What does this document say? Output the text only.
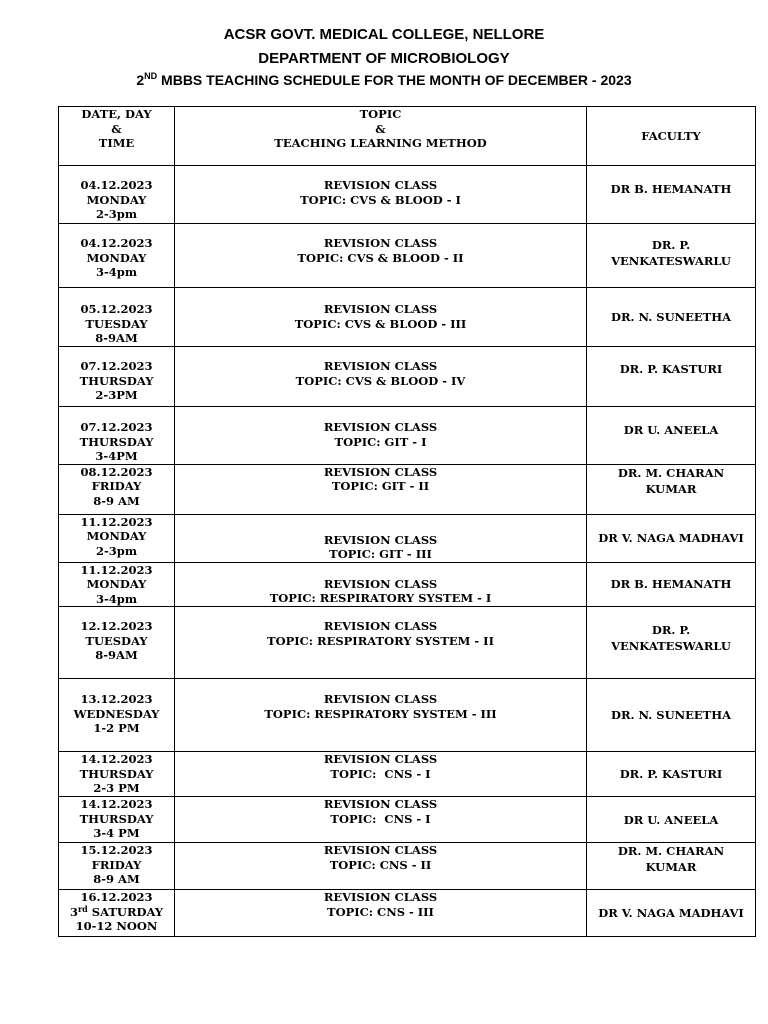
ACSR GOVT. MEDICAL COLLEGE, NELLORE
DEPARTMENT OF MICROBIOLOGY
2ND MBBS TEACHING SCHEDULE FOR THE MONTH OF DECEMBER - 2023
DATE, DAY
&
TIME	TOPIC
&
TEACHING LEARNING METHOD	FACULTY

04.12.2023
MONDAY
2-3pm	REVISION CLASS
TOPIC: CVS & BLOOD - I	DR B. HEMANATH

04.12.2023
MONDAY
3-4pm	REVISION CLASS
TOPIC: CVS & BLOOD - II	DR. P.
VENKATESWARLU

05.12.2023
TUESDAY
8-9AM	REVISION CLASS
TOPIC: CVS & BLOOD - III	DR. N. SUNEETHA

07.12.2023
THURSDAY
2-3PM	REVISION CLASS
TOPIC: CVS & BLOOD - IV	DR. P. KASTURI

07.12.2023
THURSDAY
3-4PM	REVISION CLASS
TOPIC: GIT - I	DR U. ANEELA

08.12.2023
FRIDAY
8-9 AM	REVISION CLASS
TOPIC: GIT - II	DR. M. CHARAN
KUMAR

11.12.2023
MONDAY
2-3pm	REVISION CLASS
TOPIC: GIT - III	DR V. NAGA MADHAVI

11.12.2023
MONDAY
3-4pm	REVISION CLASS
TOPIC: RESPIRATORY SYSTEM - I	DR B. HEMANATH

12.12.2023
TUESDAY
8-9AM	REVISION CLASS
TOPIC: RESPIRATORY SYSTEM - II	DR. P.
VENKATESWARLU

13.12.2023
WEDNESDAY
1-2 PM	REVISION CLASS
TOPIC: RESPIRATORY SYSTEM - III	DR. N. SUNEETHA

14.12.2023
THURSDAY
2-3 PM	REVISION CLASS
TOPIC:  CNS - I	DR. P. KASTURI

14.12.2023
THURSDAY
3-4 PM	REVISION CLASS
TOPIC:  CNS - I	DR U. ANEELA

15.12.2023
FRIDAY
8-9 AM	REVISION CLASS
TOPIC: CNS - II	DR. M. CHARAN
KUMAR

16.12.2023
3rd SATURDAY
10-12 NOON	REVISION CLASS
TOPIC: CNS - III	DR V. NAGA MADHAVI
